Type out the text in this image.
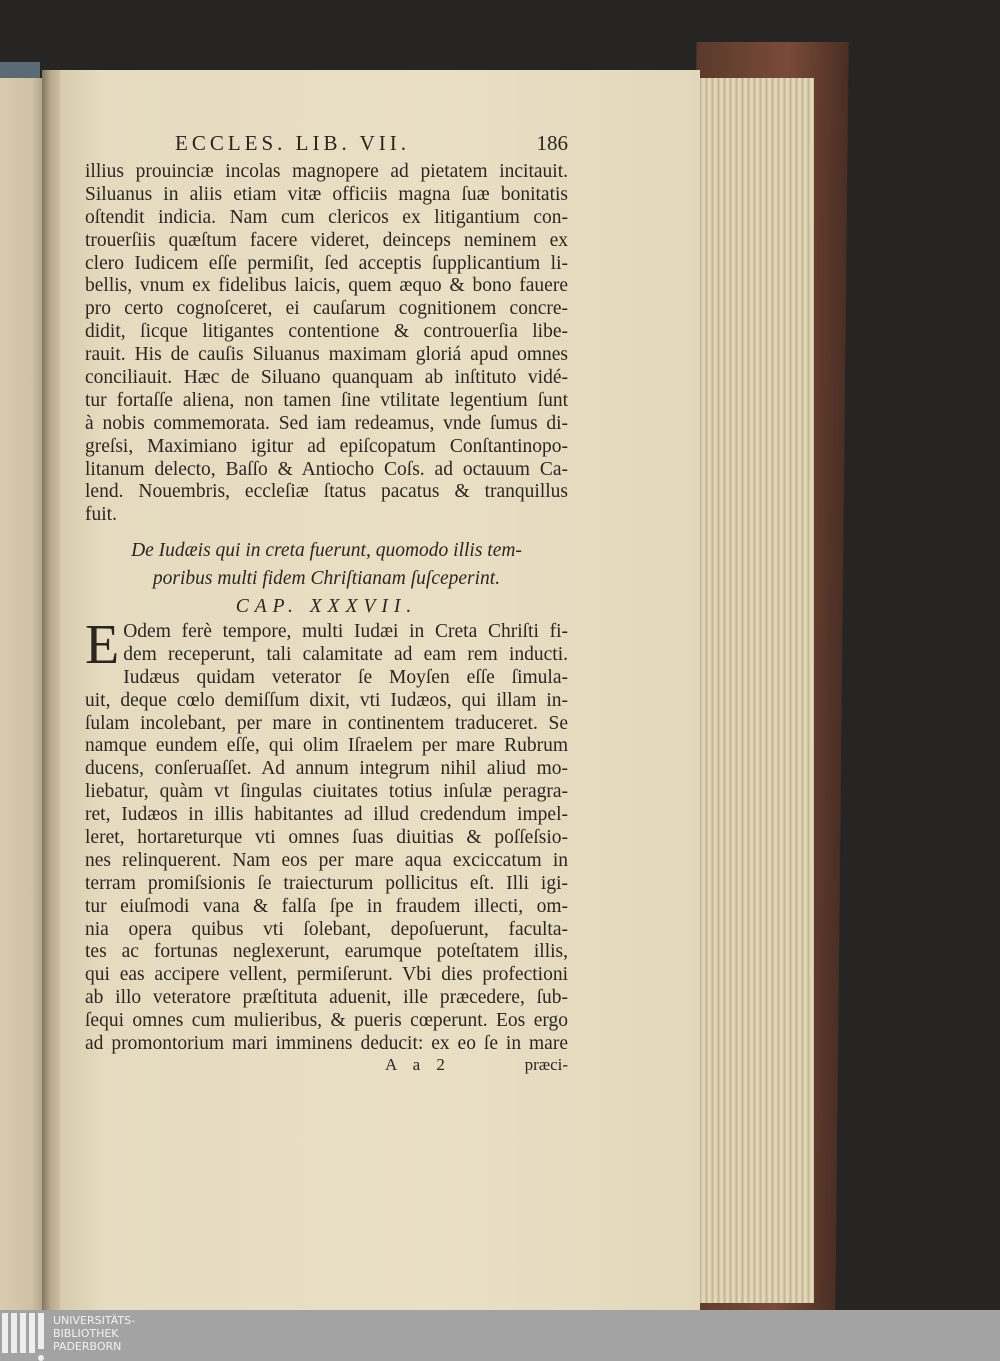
ECCLES. LIB. VII.	186
illius prouinciæ incolas magnopere ad pietatem incitauit.
Siluanus in aliis etiam vitæ officiis magna ſuæ bonitatis
oſtendit indicia. Nam cum clericos ex litigantium con-
trouerſiis quæſtum facere videret, deinceps neminem ex
clero Iudicem eſſe permiſit, ſed acceptis ſupplicantium li-
bellis, vnum ex fidelibus laicis, quem æquo & bono fauere
pro certo cognoſceret, ei cauſarum cognitionem concre-
didit, ſicque litigantes contentione & controuerſia libe-
rauit. His de cauſis Siluanus maximam gloriá apud omnes
conciliauit. Hæc de Siluano quanquam ab inſtituto vidé-
tur fortaſſe aliena, non tamen ſine vtilitate legentium ſunt
à nobis commemorata. Sed iam redeamus, vnde ſumus di-
greſsi, Maximiano igitur ad epiſcopatum Conſtantinopo-
litanum delecto, Baſſo & Antiocho Coſs. ad octauum Ca-
lend. Nouembris, eccleſiæ ſtatus pacatus & tranquillus
fuit.
De Iudæis qui in creta fuerunt, quomodo illis tem-
poribus multi fidem Chriſtianam ſuſceperint.
CAP. XXXVII.
E Odem ferè tempore, multi Iudæi in Creta Chriſti fi-
dem receperunt, tali calamitate ad eam rem inducti.
Iudæus quidam veterator ſe Moyſen eſſe ſimula-
uit, deque cœlo demiſſum dixit, vti Iudæos, qui illam in-
ſulam incolebant, per mare in continentem traduceret. Se
namque eundem eſſe, qui olim Iſraelem per mare Rubrum
ducens, conſeruaſſet. Ad annum integrum nihil aliud mo-
liebatur, quàm vt ſingulas ciuitates totius inſulæ peragra-
ret, Iudæos in illis habitantes ad illud credendum impel-
leret, hortareturque vti omnes ſuas diuitias & poſſeſsio-
nes relinquerent. Nam eos per mare aqua exciccatum in
terram promiſsionis ſe traiecturum pollicitus eſt. Illi igi-
tur eiuſmodi vana & falſa ſpe in fraudem illecti, om-
nia opera quibus vti ſolebant, depoſuerunt, faculta-
tes ac fortunas neglexerunt, earumque poteſtatem illis,
qui eas accipere vellent, permiſerunt. Vbi dies profectioni
ab illo veteratore præſtituta aduenit, ille præcedere, ſub-
ſequi omnes cum mulieribus, & pueris cœperunt. Eos ergo
ad promontorium mari imminens deducit: ex eo ſe in mare
A a 2	præci-
UNIVERSITÄTS-
BIBLIOTHEK
PADERBORN
